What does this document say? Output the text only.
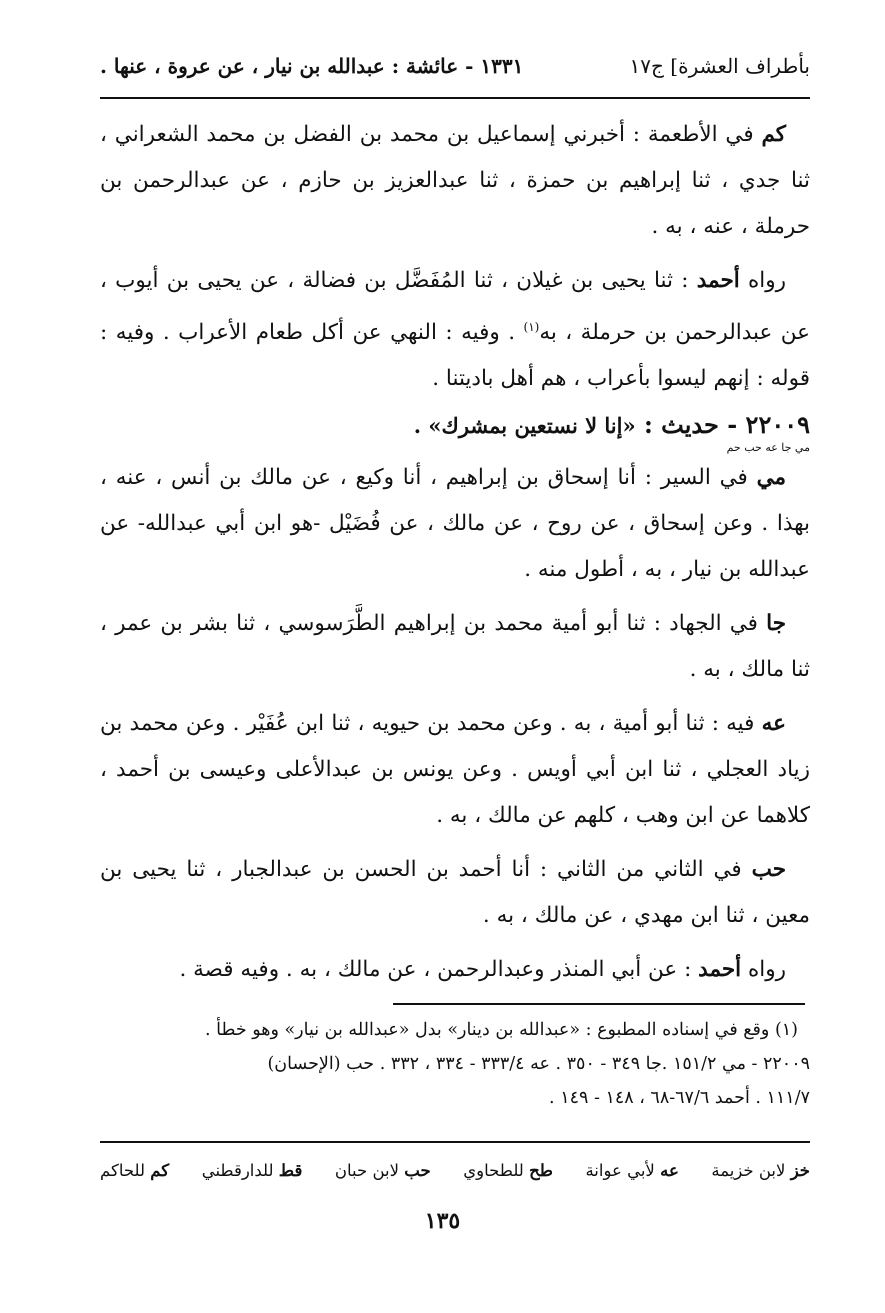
بأطراف العشرة] ج١٧
١٣٣١ - عائشة : عبدالله بن نيار ، عن عروة ، عنها .

كم في الأطعمة : أخبرني إسماعيل بن محمد بن الفضل بن محمد الشعراني ، ثنا جدي ، ثنا إبراهيم بن حمزة ، ثنا عبدالعزيز بن حازم ، عن عبدالرحمن بن حرملة ، عنه ، به .

رواه أحمد : ثنا يحيى بن غيلان ، ثنا المُفَضَّل بن فضالة ، عن يحيى بن أيوب ، عن عبدالرحمن بن حرملة ، به$^{(١)}$ . وفيه : النهي عن أكل طعام الأعراب . وفيه : قوله : إنهم ليسوا بأعراب ، هم أهل باديتنا .

٢٢٠٠٩ - حديث : «إنا لا نستعين بمشرك» .

مي جا عه حب حم

مي في السير : أنا إسحاق بن إبراهيم ، أنا وكيع ، عن مالك بن أنس ، عنه ، بهذا . وعن إسحاق ، عن روح ، عن مالك ، عن فُضَيْل -هو ابن أبي عبدالله- عن عبدالله بن نيار ، به ، أطول منه .

جا في الجهاد : ثنا أبو أمية محمد بن إبراهيم الطَّرَسوسي ، ثنا بشر بن عمر ، ثنا مالك ، به .

عه فيه : ثنا أبو أمية ، به . وعن محمد بن حيويه ، ثنا ابن عُفَيْر . وعن محمد بن زياد العجلي ، ثنا ابن أبي أويس . وعن يونس بن عبدالأعلى وعيسى بن أحمد ، كلاهما عن ابن وهب ، كلهم عن مالك ، به .

حب في الثاني من الثاني : أنا أحمد بن الحسن بن عبدالجبار ، ثنا يحيى بن معين ، ثنا ابن مهدي ، عن مالك ، به .

رواه أحمد : عن أبي المنذر وعبدالرحمن ، عن مالك ، به . وفيه قصة .

(١) وقع في إسناده المطبوع : «عبدالله بن دينار» بدل «عبدالله بن نيار» وهو خطأ .

٢٢٠٠٩ - مي ١٥١/٢ .جا ٣٤٩ - ٣٥٠ . عه ٣٣٣/٤ - ٣٣٤ ، ٣٣٢ . حب (الإحسان)

١١١/٧ . أحمد ٦٧/٦-٦٨ ، ١٤٨ - ١٤٩ .

خز لابن خزيمة
عه لأبي عوانة
طح للطحاوي
حب لابن حبان
قط للدارقطني
كم للحاكم
١٣٥
